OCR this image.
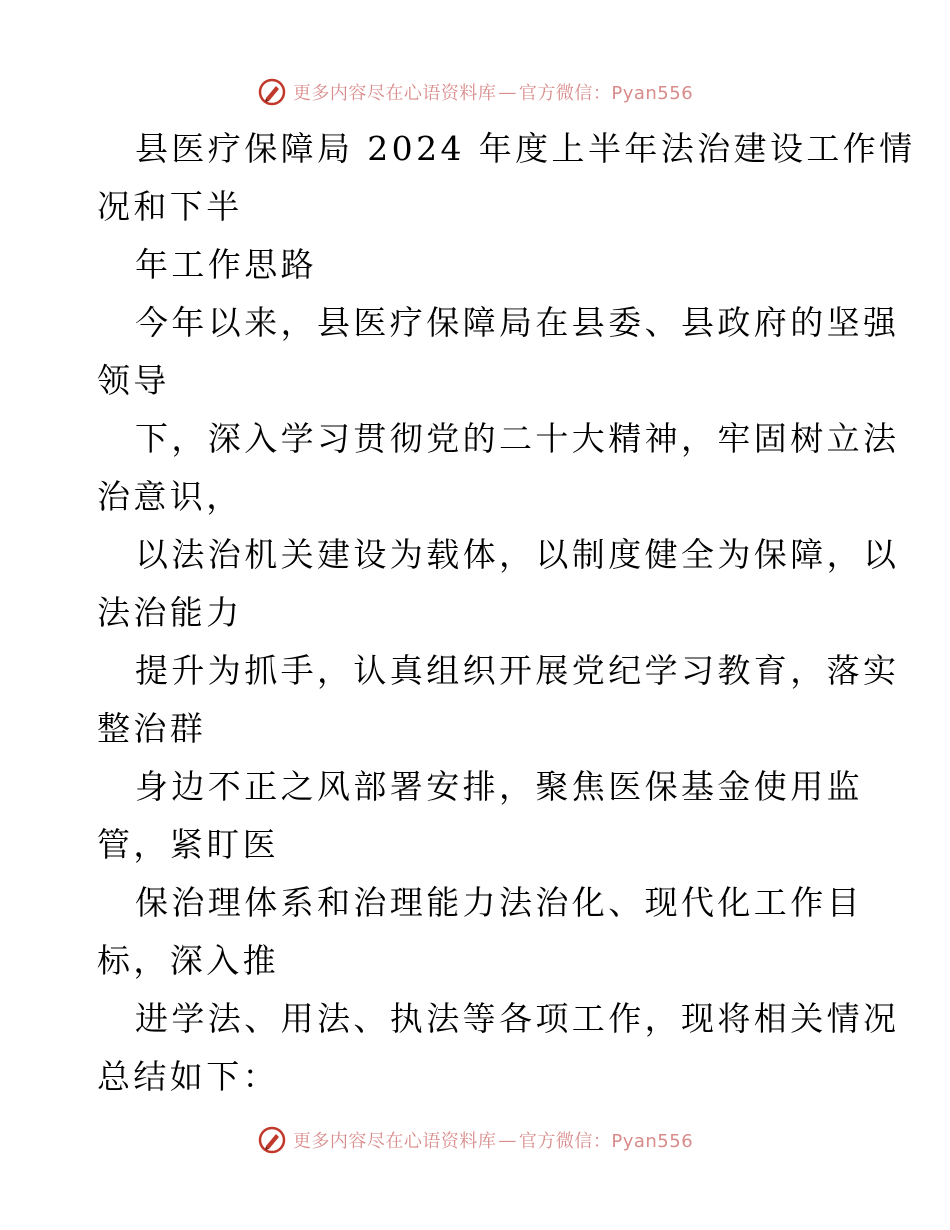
更多内容尽在心语资料库 — 官方微信：Pyan556
县医疗保障局 2024 年度上半年法治建设工作情
况和下半
年工作思路
今年以来，县医疗保障局在县委、县政府的坚强
领导
下，深入学习贯彻党的二十大精神，牢固树立法
治意识，
以法治机关建设为载体，以制度健全为保障，以
法治能力
提升为抓手，认真组织开展党纪学习教育，落实
整治群
身边不正之风部署安排，聚焦医保基金使用监
管，紧盯医
保治理体系和治理能力法治化、现代化工作目
标，深入推
进学法、用法、执法等各项工作，现将相关情况
总结如下：
更多内容尽在心语资料库 — 官方微信：Pyan556
